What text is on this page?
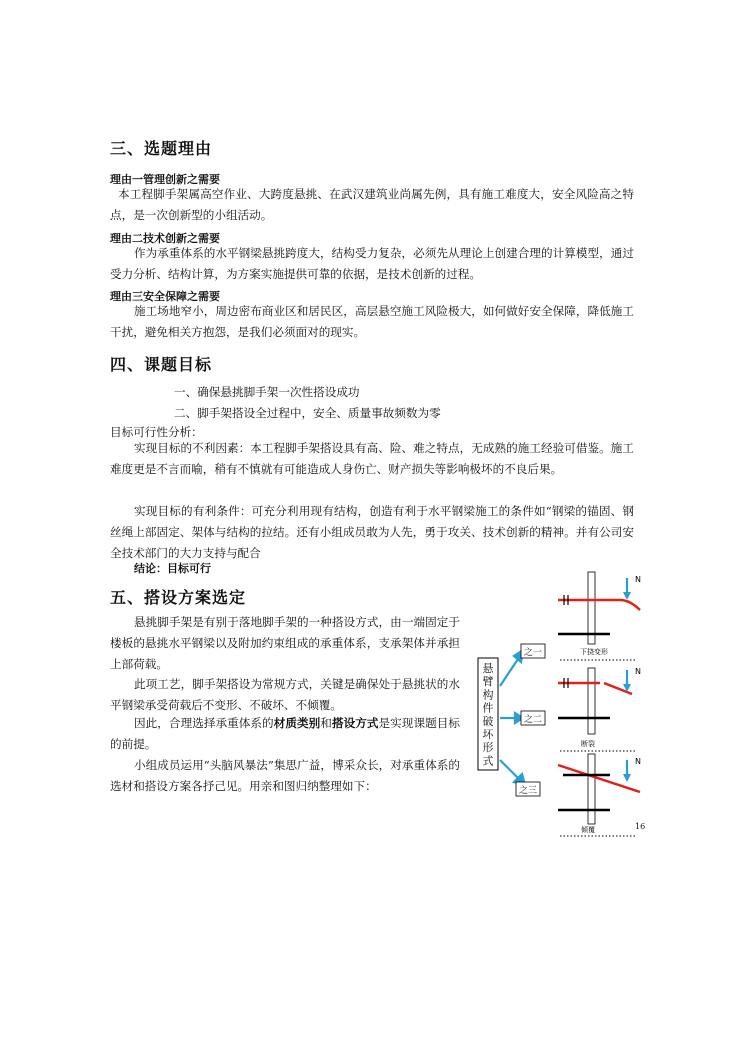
三、选题理由
理由一管理创新之需要

本工程脚手架属高空作业、大跨度悬挑、在武汉建筑业尚属先例，具有施工难度大，安全风险高之特点，是一次创新型的小组活动。

理由二技术创新之需要

作为承重体系的水平钢梁悬挑跨度大，结构受力复杂，必须先从理论上创建合理的计算模型，通过受力分析、结构计算，为方案实施提供可靠的依据，是技术创新的过程。

理由三安全保障之需要

施工场地窄小，周边密布商业区和居民区，高层悬空施工风险极大，如何做好安全保障，降低施工干扰，避免相关方抱怨，是我们必须面对的现实。

四、课题目标
一、确保悬挑脚手架一次性搭设成功
二、脚手架搭设全过程中，安全、质量事故频数为零
目标可行性分析：

实现目标的不利因素：本工程脚手架搭设具有高、险、难之特点，无成熟的施工经验可借鉴。施工难度更是不言而喻，稍有不慎就有可能造成人身伤亡、财产损失等影响极坏的不良后果。

实现目标的有利条件：可充分利用现有结构，创造有利于水平钢梁施工的条件如“钢梁的锚固、钢丝绳上部固定、架体与结构的拉结。还有小组成员敢为人先，勇于攻关、技术创新的精神。并有公司安全技术部门的大力支持与配合

结论：目标可行
五、搭设方案选定

悬挑脚手架是有别于落地脚手架的一种搭设方式，由一端固定于楼板的悬挑水平钢梁以及附加约束组成的承重体系，支承架体并承担上部荷载。

此项工艺，脚手架搭设为常规方式，关键是确保处于悬挑状的水平钢梁承受荷载后不变形、不破坏、不倾覆。

因此，合理选择承重体系的材质类别和搭设方式是实现课题目标的前提。

小组成员运用“头脑风暴法”集思广益，博采众长，对承重体系的选材和搭设方案各抒己见。用亲和图归纳整理如下：

悬臂构件破坏形式
之一
之二
之三
N
下挠变形
N
断裂
N
倾覆	16
